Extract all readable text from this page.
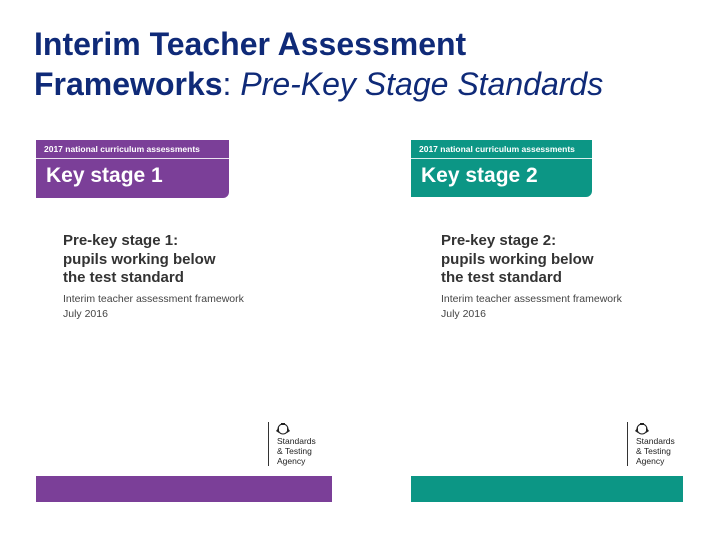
Interim Teacher Assessment
Frameworks: Pre-Key Stage Standards
2017 national curriculum assessments
Key stage 1
Pre-key stage 1:
pupils working below
the test standard
Interim teacher assessment framework
July 2016
Standards
& Testing
Agency
2017 national curriculum assessments
Key stage 2
Pre-key stage 2:
pupils working below
the test standard
Interim teacher assessment framework
July 2016
Standards
& Testing
Agency
